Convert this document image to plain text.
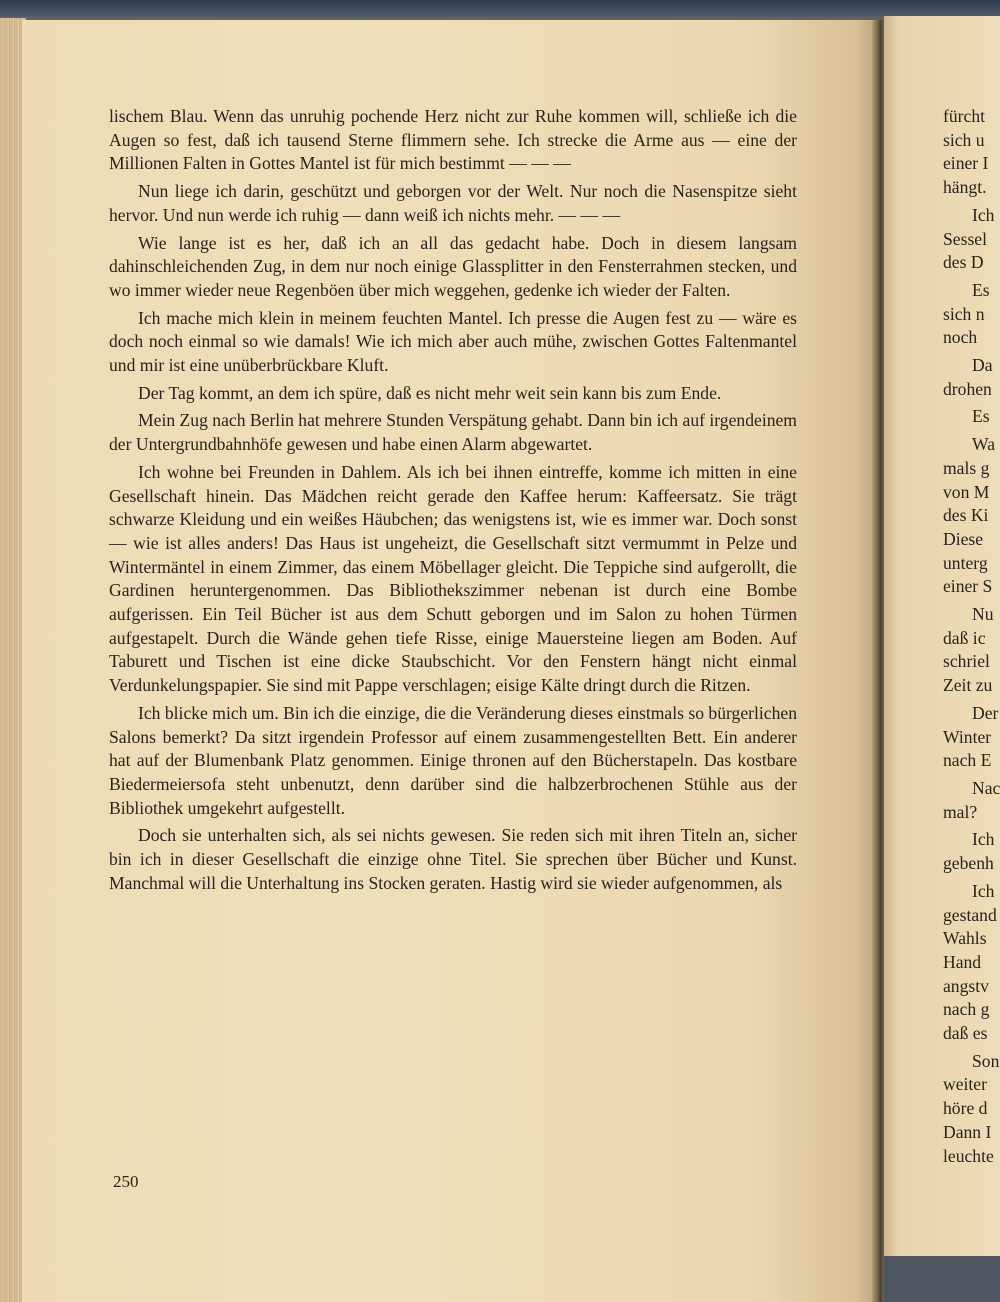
lischem Blau. Wenn das unruhig pochende Herz nicht zur Ruhe kommen will, schließe ich die Augen so fest, daß ich tausend Sterne flimmern sehe. Ich strecke die Arme aus — eine der Millionen Falten in Gottes Mantel ist für mich bestimmt — — —

Nun liege ich darin, geschützt und geborgen vor der Welt. Nur noch die Nasenspitze sieht hervor. Und nun werde ich ruhig — dann weiß ich nichts mehr. — — —

Wie lange ist es her, daß ich an all das gedacht habe. Doch in diesem langsam dahinschleichenden Zug, in dem nur noch einige Glassplitter in den Fensterrahmen stecken, und wo immer wieder neue Regenböen über mich weggehen, gedenke ich wieder der Falten.

Ich mache mich klein in meinem feuchten Mantel. Ich presse die Augen fest zu — wäre es doch noch einmal so wie damals! Wie ich mich aber auch mühe, zwischen Gottes Faltenmantel und mir ist eine unüberbrückbare Kluft.

Der Tag kommt, an dem ich spüre, daß es nicht mehr weit sein kann bis zum Ende.

Mein Zug nach Berlin hat mehrere Stunden Verspätung gehabt. Dann bin ich auf irgendeinem der Untergrundbahnhöfe gewesen und habe einen Alarm abgewartet.

Ich wohne bei Freunden in Dahlem. Als ich bei ihnen eintreffe, komme ich mitten in eine Gesellschaft hinein. Das Mädchen reicht gerade den Kaffee herum: Kaffeersatz. Sie trägt schwarze Kleidung und ein weißes Häubchen; das wenigstens ist, wie es immer war. Doch sonst — wie ist alles anders! Das Haus ist ungeheizt, die Gesellschaft sitzt vermummt in Pelze und Wintermäntel in einem Zimmer, das einem Möbellager gleicht. Die Teppiche sind aufgerollt, die Gardinen heruntergenommen. Das Bibliothekszimmer nebenan ist durch eine Bombe aufgerissen. Ein Teil Bücher ist aus dem Schutt geborgen und im Salon zu hohen Türmen aufgestapelt. Durch die Wände gehen tiefe Risse, einige Mauersteine liegen am Boden. Auf Taburett und Tischen ist eine dicke Staubschicht. Vor den Fenstern hängt nicht einmal Verdunkelungspapier. Sie sind mit Pappe verschlagen; eisige Kälte dringt durch die Ritzen.

Ich blicke mich um. Bin ich die einzige, die die Veränderung dieses einstmals so bürgerlichen Salons bemerkt? Da sitzt irgendein Professor auf einem zusammengestellten Bett. Ein anderer hat auf der Blumenbank Platz genommen. Einige thronen auf den Bücherstapeln. Das kostbare Biedermeiersofa steht unbenutzt, denn darüber sind die halbzerbrochenen Stühle aus der Bibliothek umgekehrt aufgestellt.

Doch sie unterhalten sich, als sei nichts gewesen. Sie reden sich mit ihren Titeln an, sicher bin ich in dieser Gesellschaft die einzige ohne Titel. Sie sprechen über Bücher und Kunst. Manchmal will die Unterhaltung ins Stocken geraten. Hastig wird sie wieder aufgenommen, als

250
fürcht
sich u
einer I
hängt.
Ich
Sessel
des D
Es
sich n
noch
Da
drohen
Es
Wa
mals g
von M
des Ki
Diese
unterg
einer S
Nu
daß ic
schriel
Zeit zu
Der
Winter
nach E
Nac
mal?
Ich
gebenh
Ich
gestand
Wahls
Hand
angstv
nach g
daß es
Son
weiter
höre d
Dann I
leuchte
